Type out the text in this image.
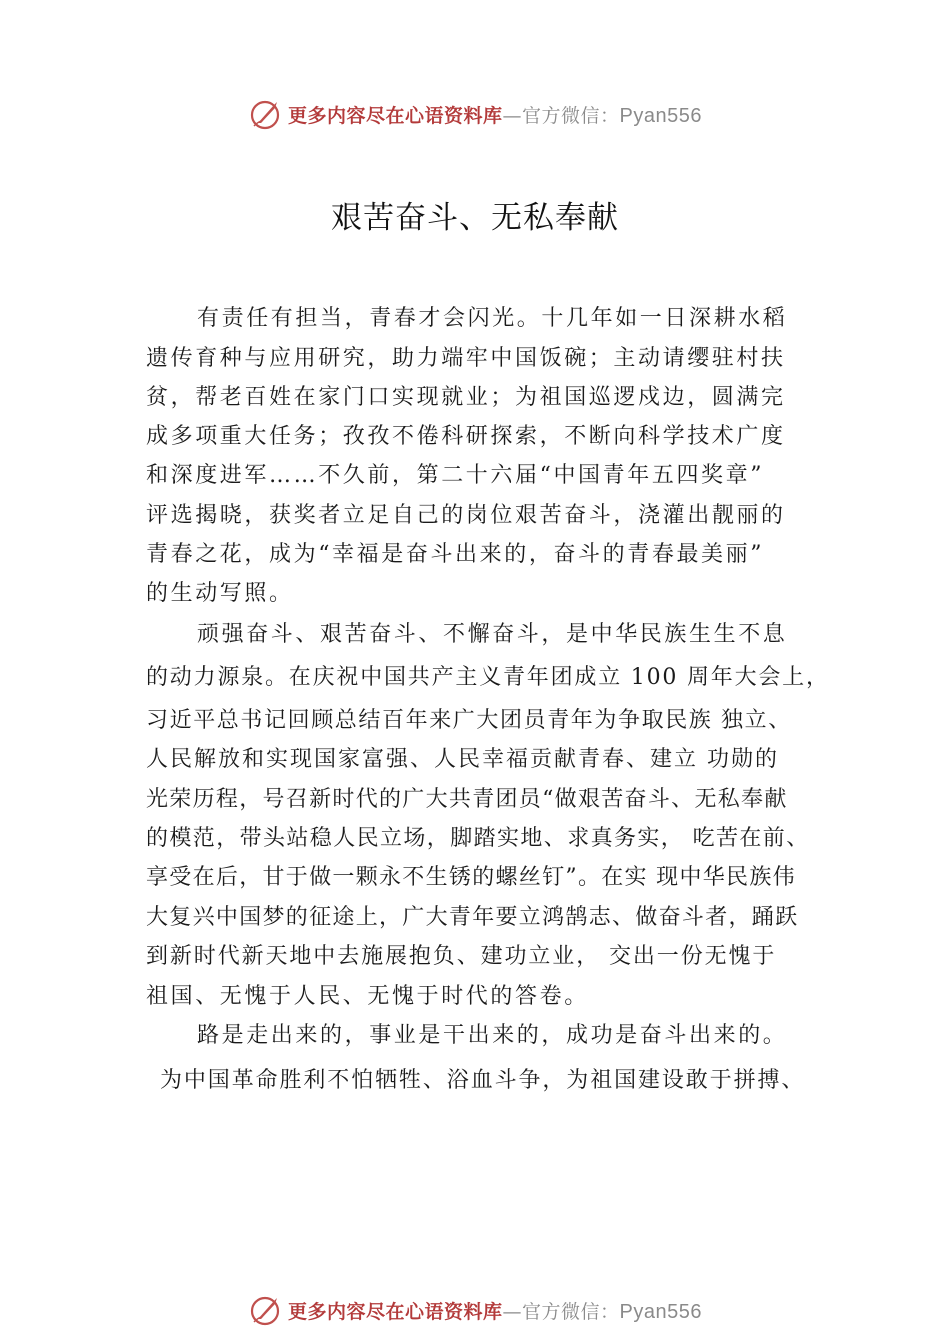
更多内容尽在心语资料库 — 官方微信： Pyan556
艰苦奋斗、无私奉献
有责任有担当，青春才会闪光。十几年如一日深耕水稻
遗传育种与应用研究，助力端牢中国饭碗；主动请缨驻村扶
贫，帮老百姓在家门口实现就业；为祖国巡逻戍边，圆满完
成多项重大任务；孜孜不倦科研探索，不断向科学技术广度
和深度进军……不久前，第二十六届“中国青年五四奖章”
评选揭晓，获奖者立足自己的岗位艰苦奋斗，浇灌出靓丽的
青春之花，成为“幸福是奋斗出来的，奋斗的青春最美丽”
的生动写照。
顽强奋斗、艰苦奋斗、不懈奋斗，是中华民族生生不息
的动力源泉。在庆祝中国共产主义青年团成立 100 周年大会上，
习近平总书记回顾总结百年来广大团员青年为争取民族 独立、
人民解放和实现国家富强、人民幸福贡献青春、建立 功勋的
光荣历程，号召新时代的广大共青团员“做艰苦奋斗、无私奉献
的模范，带头站稳人民立场，脚踏实地、求真务实， 吃苦在前、
享受在后，甘于做一颗永不生锈的螺丝钉”。在实 现中华民族伟
大复兴中国梦的征途上，广大青年要立鸿鹄志、做奋斗者，踊跃
到新时代新天地中去施展抱负、建功立业， 交出一份无愧于
祖国、无愧于人民、无愧于时代的答卷。
路是走出来的，事业是干出来的，成功是奋斗出来的。
为中国革命胜利不怕牺牲、浴血斗争，为祖国建设敢于拼搏、
更多内容尽在心语资料库 — 官方微信： Pyan556
